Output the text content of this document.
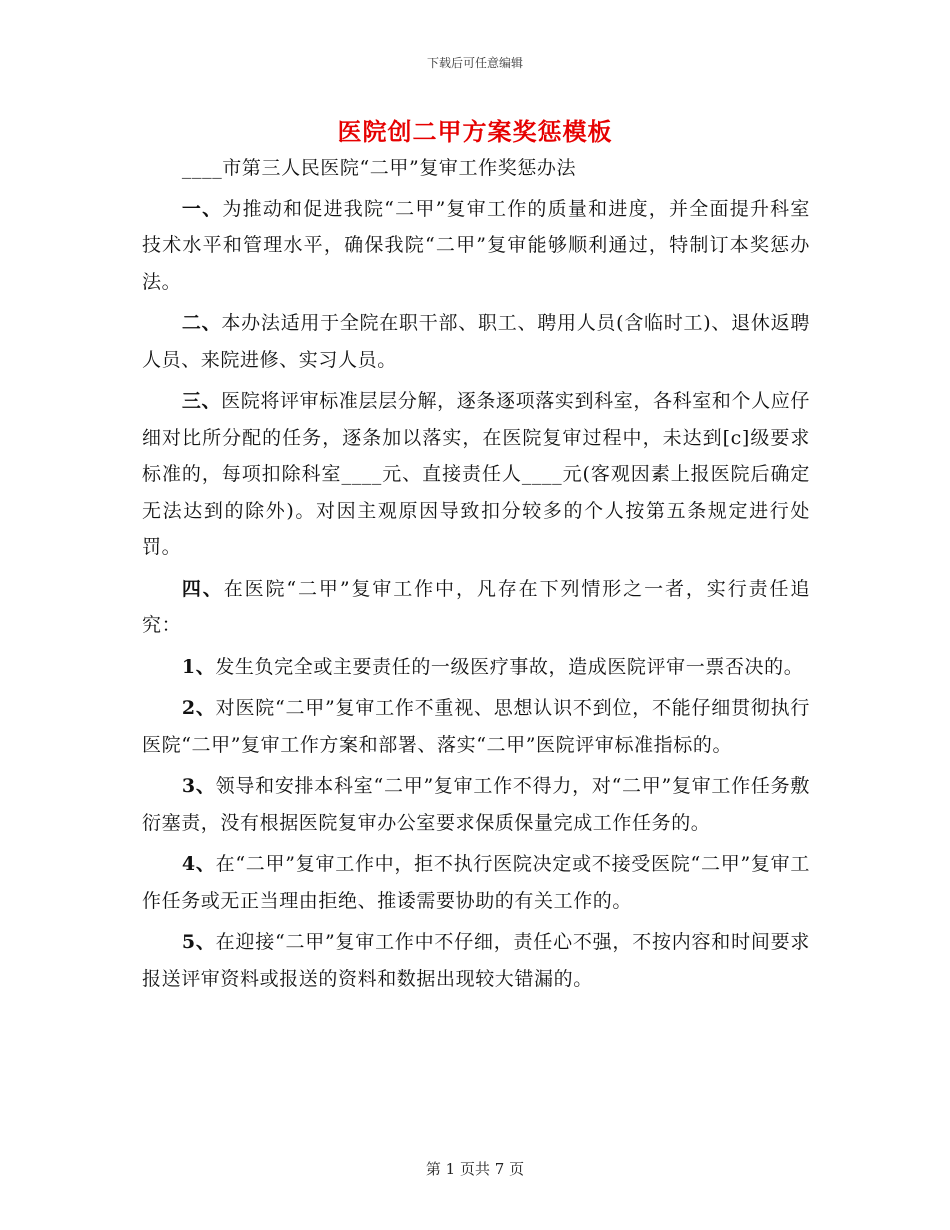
下载后可任意编辑
医院创二甲方案奖惩模板

____市第三人民医院“二甲”复审工作奖惩办法

一、为推动和促进我院“二甲”复审工作的质量和进度，并全面提升科室技术水平和管理水平，确保我院“二甲”复审能够顺利通过，特制订本奖惩办法。

二、本办法适用于全院在职干部、职工、聘用人员(含临时工)、退休返聘人员、来院进修、实习人员。

三、医院将评审标准层层分解，逐条逐项落实到科室，各科室和个人应仔细对比所分配的任务，逐条加以落实，在医院复审过程中，未达到[c]级要求标准的，每项扣除科室____元、直接责任人____元(客观因素上报医院后确定无法达到的除外)。对因主观原因导致扣分较多的个人按第五条规定进行处罚。

四、在医院“二甲”复审工作中，凡存在下列情形之一者，实行责任追究：

1、发生负完全或主要责任的一级医疗事故，造成医院评审一票否决的。

2、对医院“二甲”复审工作不重视、思想认识不到位，不能仔细贯彻执行医院“二甲”复审工作方案和部署、落实“二甲”医院评审标准指标的。

3、领导和安排本科室“二甲”复审工作不得力，对“二甲”复审工作任务敷衍塞责，没有根据医院复审办公室要求保质保量完成工作任务的。

4、在“二甲”复审工作中，拒不执行医院决定或不接受医院“二甲”复审工作任务或无正当理由拒绝、推诿需要协助的有关工作的。

5、在迎接“二甲”复审工作中不仔细，责任心不强，不按内容和时间要求报送评审资料或报送的资料和数据出现较大错漏的。

第 1 页共 7 页
